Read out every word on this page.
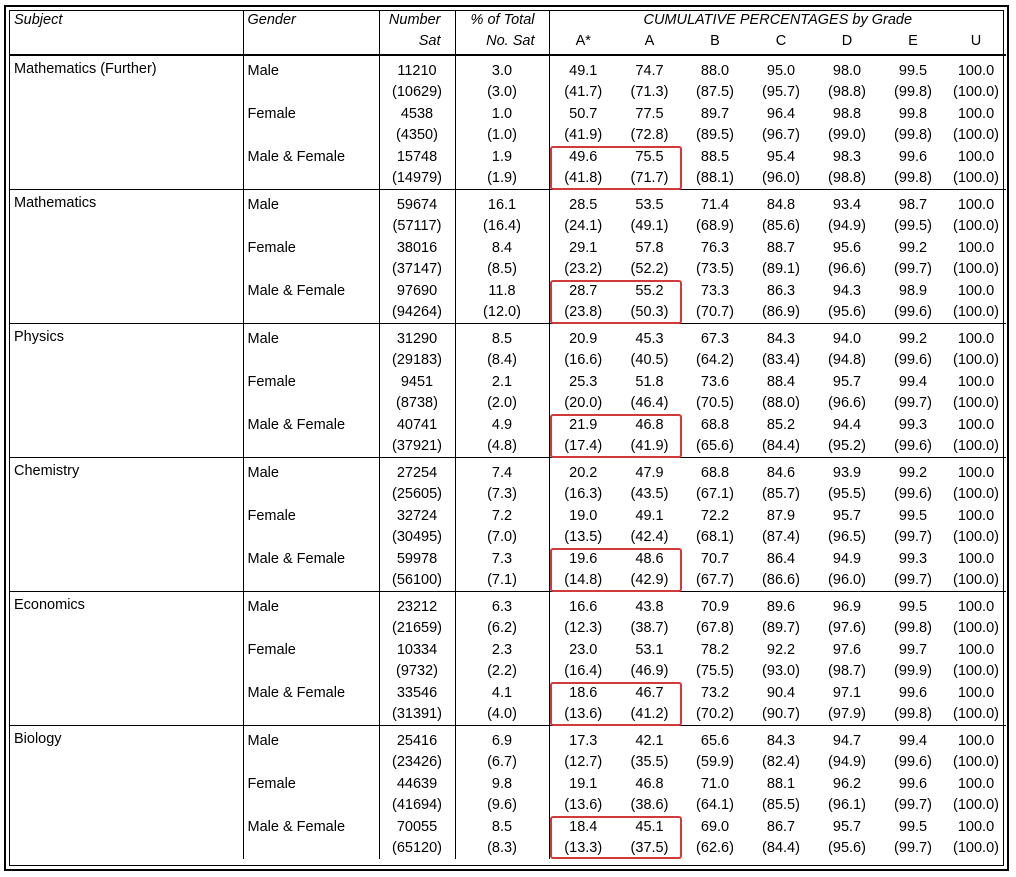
Subject	Gender	Number	% of Total	CUMULATIVE PERCENTAGES by Grade						
		Sat	No. Sat	A*	A	B	C	D	E	U

Mathematics (Further)	Male	11210	3.0	49.1	74.7	88.0	95.0	98.0	99.5	100.0
		(10629)	(3.0)	(41.7)	(71.3)	(87.5)	(95.7)	(98.8)	(99.8)	(100.0)
	Female	4538	1.0	50.7	77.5	89.7	96.4	98.8	99.8	100.0
		(4350)	(1.0)	(41.9)	(72.8)	(89.5)	(96.7)	(99.0)	(99.8)	(100.0)
	Male & Female	15748	1.9	49.6	75.5	88.5	95.4	98.3	99.6	100.0
		(14979)	(1.9)	(41.8)	(71.7)	(88.1)	(96.0)	(98.8)	(99.8)	(100.0)

Mathematics	Male	59674	16.1	28.5	53.5	71.4	84.8	93.4	98.7	100.0
		(57117)	(16.4)	(24.1)	(49.1)	(68.9)	(85.6)	(94.9)	(99.5)	(100.0)
	Female	38016	8.4	29.1	57.8	76.3	88.7	95.6	99.2	100.0
		(37147)	(8.5)	(23.2)	(52.2)	(73.5)	(89.1)	(96.6)	(99.7)	(100.0)
	Male & Female	97690	11.8	28.7	55.2	73.3	86.3	94.3	98.9	100.0
		(94264)	(12.0)	(23.8)	(50.3)	(70.7)	(86.9)	(95.6)	(99.6)	(100.0)

Physics	Male	31290	8.5	20.9	45.3	67.3	84.3	94.0	99.2	100.0
		(29183)	(8.4)	(16.6)	(40.5)	(64.2)	(83.4)	(94.8)	(99.6)	(100.0)
	Female	9451	2.1	25.3	51.8	73.6	88.4	95.7	99.4	100.0
		(8738)	(2.0)	(20.0)	(46.4)	(70.5)	(88.0)	(96.6)	(99.7)	(100.0)
	Male & Female	40741	4.9	21.9	46.8	68.8	85.2	94.4	99.3	100.0
		(37921)	(4.8)	(17.4)	(41.9)	(65.6)	(84.4)	(95.2)	(99.6)	(100.0)

Chemistry	Male	27254	7.4	20.2	47.9	68.8	84.6	93.9	99.2	100.0
		(25605)	(7.3)	(16.3)	(43.5)	(67.1)	(85.7)	(95.5)	(99.6)	(100.0)
	Female	32724	7.2	19.0	49.1	72.2	87.9	95.7	99.5	100.0
		(30495)	(7.0)	(13.5)	(42.4)	(68.1)	(87.4)	(96.5)	(99.7)	(100.0)
	Male & Female	59978	7.3	19.6	48.6	70.7	86.4	94.9	99.3	100.0
		(56100)	(7.1)	(14.8)	(42.9)	(67.7)	(86.6)	(96.0)	(99.7)	(100.0)

Economics	Male	23212	6.3	16.6	43.8	70.9	89.6	96.9	99.5	100.0
		(21659)	(6.2)	(12.3)	(38.7)	(67.8)	(89.7)	(97.6)	(99.8)	(100.0)
	Female	10334	2.3	23.0	53.1	78.2	92.2	97.6	99.7	100.0
		(9732)	(2.2)	(16.4)	(46.9)	(75.5)	(93.0)	(98.7)	(99.9)	(100.0)
	Male & Female	33546	4.1	18.6	46.7	73.2	90.4	97.1	99.6	100.0
		(31391)	(4.0)	(13.6)	(41.2)	(70.2)	(90.7)	(97.9)	(99.8)	(100.0)

Biology	Male	25416	6.9	17.3	42.1	65.6	84.3	94.7	99.4	100.0
		(23426)	(6.7)	(12.7)	(35.5)	(59.9)	(82.4)	(94.9)	(99.6)	(100.0)
	Female	44639	9.8	19.1	46.8	71.0	88.1	96.2	99.6	100.0
		(41694)	(9.6)	(13.6)	(38.6)	(64.1)	(85.5)	(96.1)	(99.7)	(100.0)
	Male & Female	70055	8.5	18.4	45.1	69.0	86.7	95.7	99.5	100.0
		(65120)	(8.3)	(13.3)	(37.5)	(62.6)	(84.4)	(95.6)	(99.7)	(100.0)
